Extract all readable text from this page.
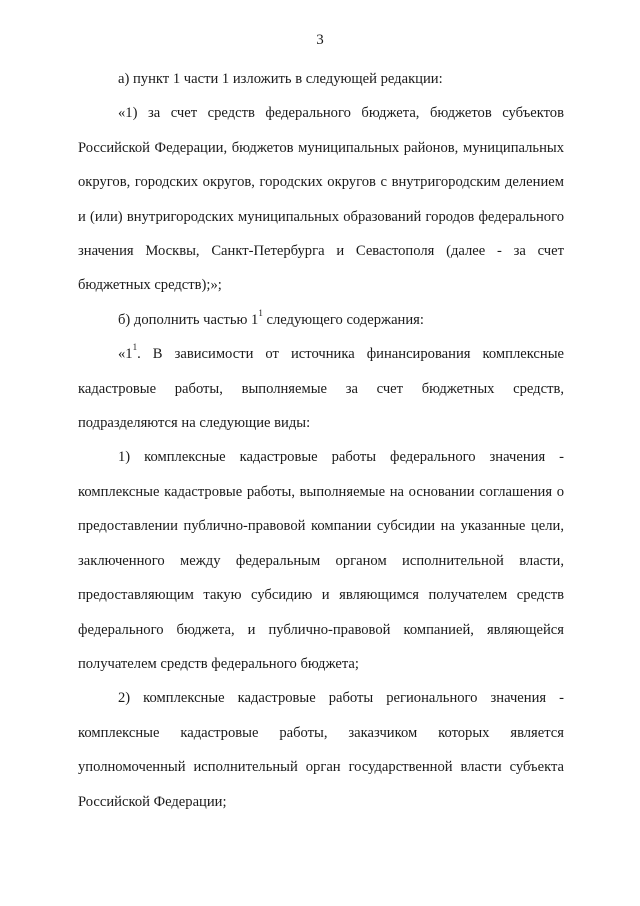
3

а) пункт 1 части 1 изложить в следующей редакции:

«1) за счет средств федерального бюджета, бюджетов субъектов Российской Федерации, бюджетов муниципальных районов, муниципальных округов, городских округов, городских округов с внутригородским делением и (или) внутригородских муниципальных образований городов федерального значения Москвы, Санкт-Петербурга и Севастополя (далее - за счет бюджетных средств);»;

б) дополнить частью $1^1$ следующего содержания:

«$1^1$. В зависимости от источника финансирования комплексные кадастровые работы, выполняемые за счет бюджетных средств, подразделяются на следующие виды:

1) комплексные кадастровые работы федерального значения - комплексные кадастровые работы, выполняемые на основании соглашения о предоставлении публично-правовой компании субсидии на указанные цели, заключенного между федеральным органом исполнительной власти, предоставляющим такую субсидию и являющимся получателем средств федерального бюджета, и публично-правовой компанией, являющейся получателем средств федерального бюджета;

2) комплексные кадастровые работы регионального значения - комплексные кадастровые работы, заказчиком которых является уполномоченный исполнительный орган государственной власти субъекта Российской Федерации;
